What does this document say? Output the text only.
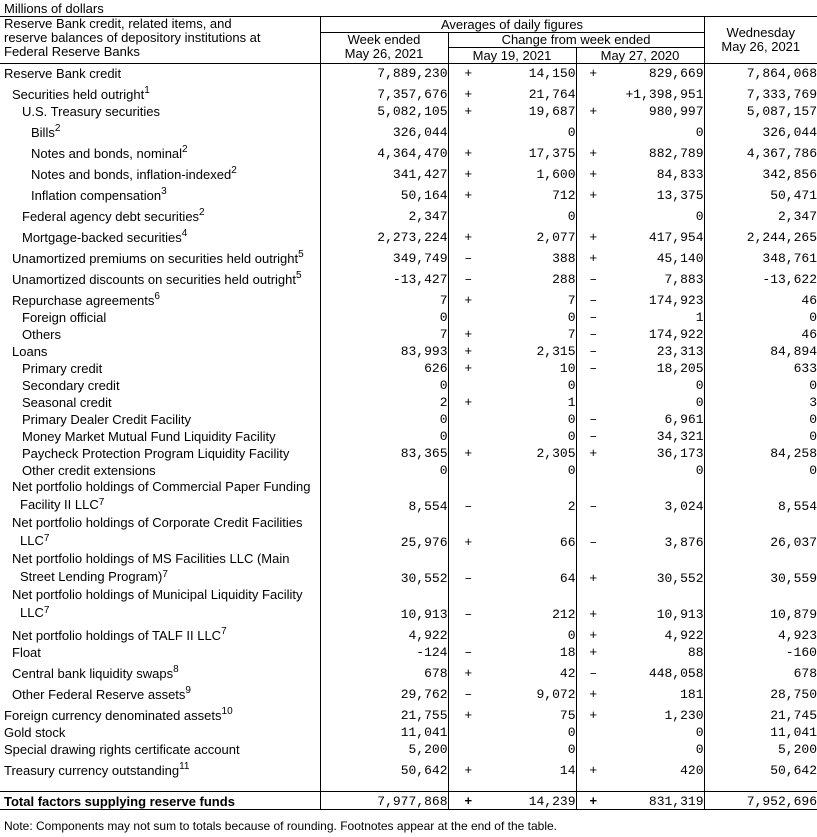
Millions of dollars
Reserve Bank credit, related items, and
reserve balances of depository institutions at
Federal Reserve Banks	Averages of daily figures					Wednesday
May 26, 2021
	Week ended
May 26, 2021	Change from week ended				
		May 19, 2021		May 27, 2020		
Reserve Bank credit	7,889,230	+	14,150	+	829,669	7,864,068
Securities held outright$^1$	7,357,676	+	21,764		+1,398,951	7,333,769
U.S. Treasury securities	5,082,105	+	19,687	+	980,997	5,087,157
Bills$^2$	326,044		0		0	326,044
Notes and bonds, nominal$^2$	4,364,470	+	17,375	+	882,789	4,367,786
Notes and bonds, inflation-indexed$^2$	341,427	+	1,600	+	84,833	342,856
Inflation compensation$^3$	50,164	+	712	+	13,375	50,471
Federal agency debt securities$^2$	2,347		0		0	2,347
Mortgage-backed securities$^4$	2,273,224	+	2,077	+	417,954	2,244,265
Unamortized premiums on securities held outright$^5$	349,749	–	388	+	45,140	348,761
Unamortized discounts on securities held outright$^5$	-13,427	–	288	–	7,883	-13,622
Repurchase agreements$^6$	7	+	7	–	174,923	46
Foreign official	0		0	–	1	0
Others	7	+	7	–	174,922	46
Loans	83,993	+	2,315	–	23,313	84,894
Primary credit	626	+	10	–	18,205	633
Secondary credit	0		0		0	0
Seasonal credit	2	+	1		0	3
Primary Dealer Credit Facility	0		0	–	6,961	0
Money Market Mutual Fund Liquidity Facility	0		0	–	34,321	0
Paycheck Protection Program Liquidity Facility	83,365	+	2,305	+	36,173	84,258
Other credit extensions	0		0		0	0
Net portfolio holdings of Commercial Paper Funding
Facility II LLC$^7$	8,554	–	2	–	3,024	8,554
Net portfolio holdings of Corporate Credit Facilities
LLC$^7$	25,976	+	66	–	3,876	26,037
Net portfolio holdings of MS Facilities LLC (Main
Street Lending Program)$^7$	30,552	–	64	+	30,552	30,559
Net portfolio holdings of Municipal Liquidity Facility
LLC$^7$	10,913	–	212	+	10,913	10,879
Net portfolio holdings of TALF II LLC$^7$	4,922		0	+	4,922	4,923
Float	-124	–	18	+	88	-160
Central bank liquidity swaps$^8$	678	+	42	–	448,058	678
Other Federal Reserve assets$^9$	29,762	–	9,072	+	181	28,750
Foreign currency denominated assets$^{10}$	21,755	+	75	+	1,230	21,745
Gold stock	11,041		0		0	11,041
Special drawing rights certificate account	5,200		0		0	5,200
Treasury currency outstanding$^{11}$	50,642	+	14	+	420	50,642

Total factors supplying reserve funds	7,977,868	+	14,239	+	831,319	7,952,696
Note: Components may not sum to totals because of rounding. Footnotes appear at the end of the table.
